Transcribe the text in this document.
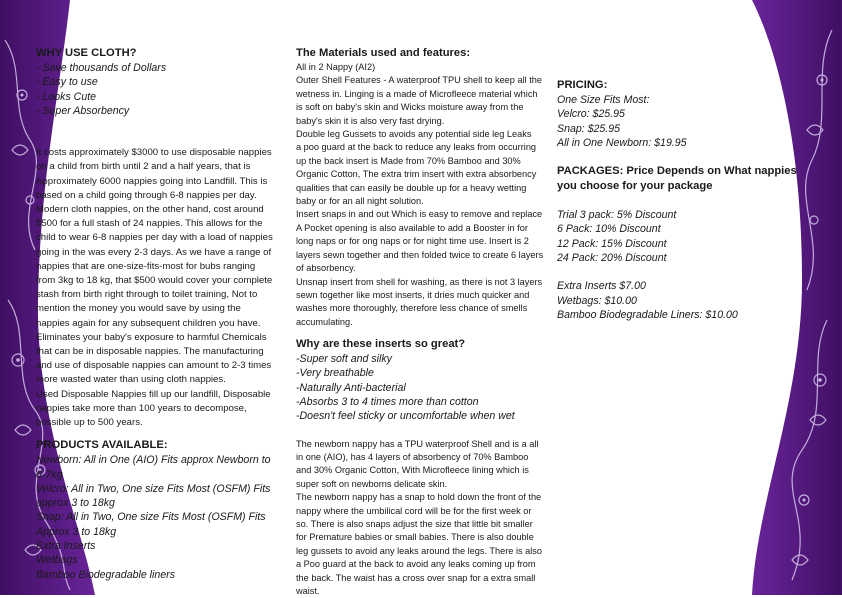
WHY USE CLOTH?

- Save thousands of Dollars

- Easy to use

- Looks Cute

- Super Absorbency

It costs approximately $3000 to use disposable nappies on a child from birth until 2 and a half years, that is Approximately 6000 nappies going into Landfill. This is based on a child going through 6-8 nappies per day.

Modern cloth nappies, on the other hand, cost around $500 for a full stash of 24 nappies. This allows for the child to wear 6-8 nappies per day with a load of nappies going in the was every 2-3 days. As we have a range of nappies that are one-size-fits-most for bubs ranging from 3kg to 18 kg, that $500 would cover your complete stash from birth right through to toilet training, Not to mention the money you would save by using the nappies again for any subsequent children you have.

Eliminates your baby's exposure to harmful Chemicals that can be in disposable nappies. The manufacturing and use of disposable nappies can amount to 2-3 times more wasted water than using cloth nappies.

Used Disposable Nappies fill up our landfill, Disposable nappies take more than 100 years to decompose, possible up to 500 years.

PRODUCTS AVAILABLE:

Newborn: All in One (AIO) Fits approx Newborn to 6-7kg

Velcro: All in Two, One size Fits Most (OSFM) Fits approx 3 to 18kg

Snap: All in Two, One size Fits Most (OSFM) Fits Approx 3 to 18kg

Extra Inserts

Wetbags

Bamboo Biodegradable liners

The Materials used and features:

All in 2 Nappy (AI2)

Outer Shell Features - A waterproof TPU shell to keep all the wetness in. Linging is a made of Microfleece material which is soft on baby's skin and Wicks moisture away from the baby's skin it is also very fast drying.

Double leg Gussets to avoids any potential side leg Leaks

a poo guard at the back to reduce any leaks from occurring up the back insert is Made from 70% Bamboo and 30% Organic Cotton, The extra trim insert with extra absorbency qualities that can easily be double up for a heavy wetting baby or for an all night solution.

Insert snaps in and out Which is easy to remove and replace

A Pocket opening is also available to add a Booster in for long naps or for ong naps or for night time use. Insert is 2 layers sewn together and then folded twice to create 6 layers of absorbency.

Unsnap insert from shell for washing, as there is not 3 layers sewn together like most inserts, it dries much quicker and washes more thoroughly, therefore less chance of smells accumulating.

Why are these inserts so great?

-Super soft and silky

-Very breathable

-Naturally Anti-bacterial

-Absorbs 3 to 4 times more than cotton

-Doesn't feel sticky or uncomfortable when wet

The newborn nappy has a TPU waterproof Shell and is a all in one (AIO), has 4 layers of absorbency of 70% Bamboo and 30% Organic Cotton, With Microfleece lining which is super soft on newborns delicate skin.

The newborn nappy has a snap to hold down the front of the nappy where the umbilical cord will be for the first week or so. There is also snaps adjust the size that little bit smaller for Premature babies or small babies. There is also double leg gussets to avoid any leaks around the legs. There is also a Poo guard at the back to avoid any leaks coming up from the back. The waist has a cross over snap for a extra small waist.

PRICING:

One Size Fits Most:

Velcro: $25.95

Snap: $25.95

All in One Newborn: $19.95

PACKAGES: Price Depends on What nappies you choose for your package

Trial 3 pack: 5% Discount

6 Pack: 10% Discount

12 Pack: 15% Discount

24 Pack: 20% Discount

Extra Inserts $7.00

Wetbags: $10.00

Bamboo Biodegradable Liners: $10.00
